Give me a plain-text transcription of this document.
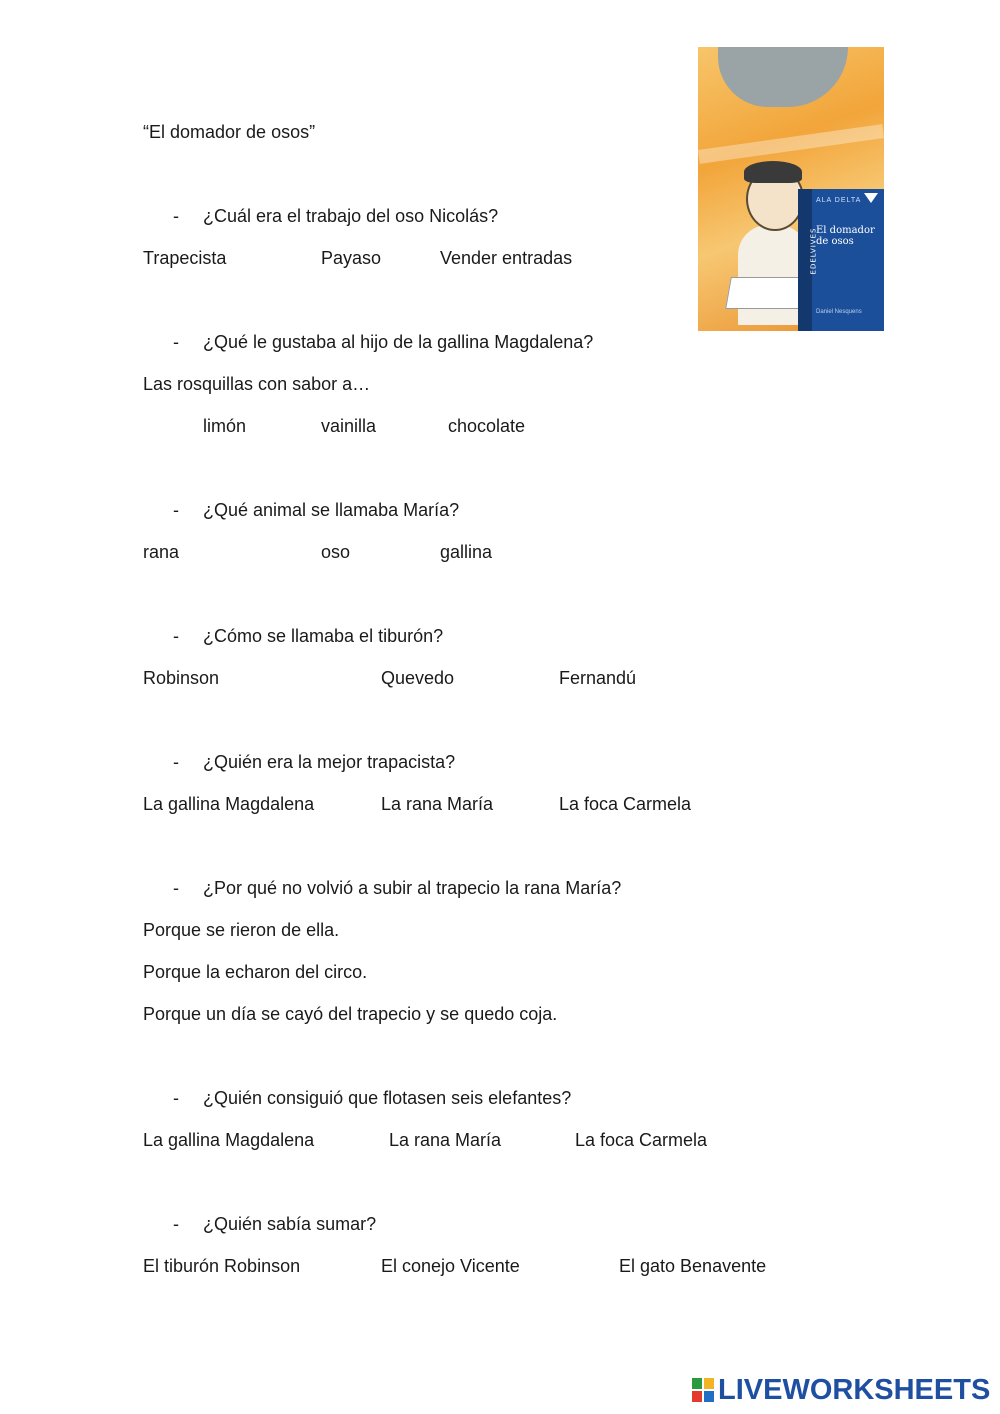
“El domador de osos”
EDELVIVES
ALA DELTA
El domador de osos
Daniel Nesquens
- ¿Cuál era el trabajo del oso Nicolás?
Trapecista	Payaso	Vender entradas
- ¿Qué le gustaba al hijo de la gallina Magdalena?
Las rosquillas con sabor a…
limón	vainilla	chocolate
- ¿Qué animal se llamaba María?
rana	oso	gallina
- ¿Cómo se llamaba el tiburón?
Robinson	Quevedo	Fernandú
- ¿Quién era la mejor trapacista?
La gallina Magdalena	La rana María	La foca Carmela
- ¿Por qué no volvió a subir al trapecio la rana María?
Porque se rieron de ella.
Porque la echaron del circo.
Porque un día se cayó del trapecio y se quedo coja.
- ¿Quién consiguió que flotasen seis elefantes?
La gallina Magdalena	La rana María	La foca Carmela
- ¿Quién sabía sumar?
El tiburón Robinson	El conejo Vicente	El gato Benavente
LIVEWORKSHEETS
